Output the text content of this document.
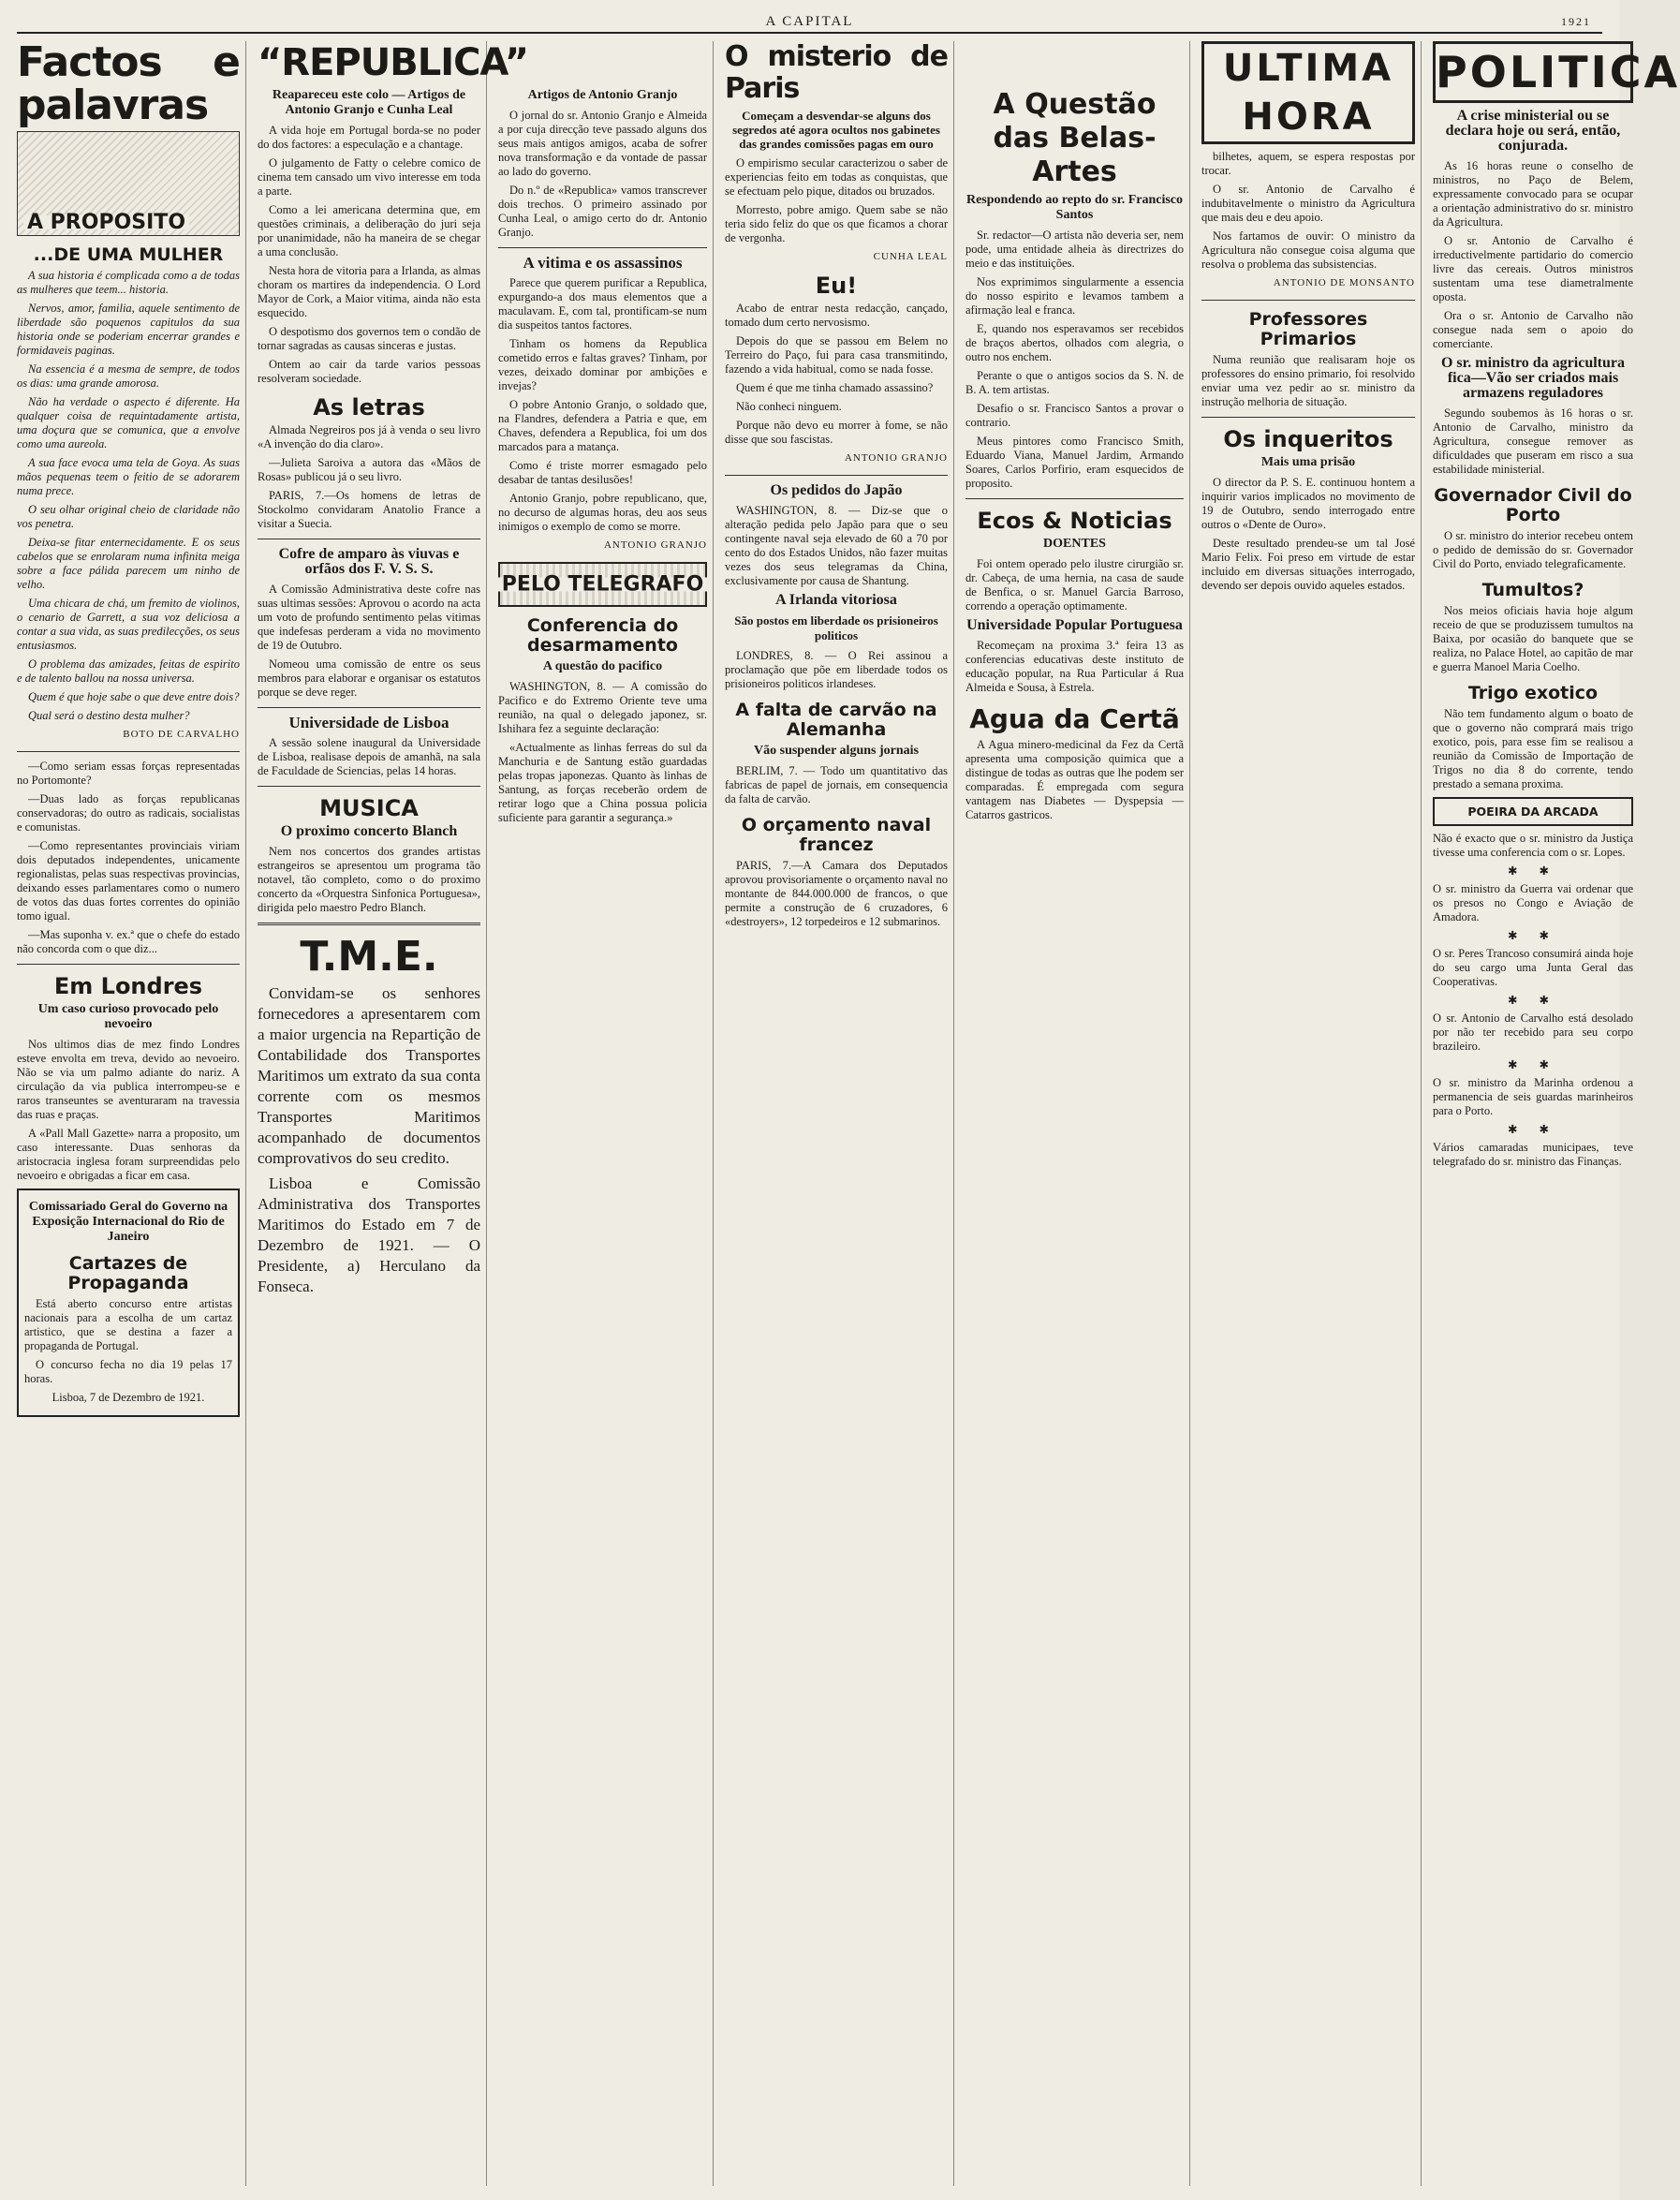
A CAPITAL	1921
Factos e palavras
A PROPOSITO
...DE UMA MULHER

A sua historia é complicada como a de todas as mulheres que teem... historia.

Nervos, amor, familia, aquele sentimento de liberdade são poquenos capitulos da sua historia onde se poderiam encerrar grandes e formidaveis paginas.

Na essencia é a mesma de sempre, de todos os dias: uma grande amorosa.

Não ha verdade o aspecto é diferente. Ha qualquer coisa de requintadamente artista, uma doçura que se comunica, que a envolve como uma aureola.

A sua face evoca uma tela de Goya. As suas mãos pequenas teem o feitio de se adorarem numa prece.

O seu olhar original cheio de claridade não vos penetra.

Deixa-se fitar enternecidamente. E os seus cabelos que se enrolaram numa infinita meiga sobre a face pálida parecem um ninho de velho.

Uma chicara de chá, um fremito de violinos, o cenario de Garrett, a sua voz deliciosa a contar a sua vida, as suas predilecções, os seus entusiasmos.

O problema das amizades, feitas de espirito e de talento ballou na nossa universa.

Quem é que hoje sabe o que deve entre dois?

Qual será o destino desta mulher?

BOTO DE CARVALHO

—Como seriam essas forças representadas no Portomonte?

—Duas lado as forças republicanas conservadoras; do outro as radicais, socialistas e comunistas.

—Como representantes provinciais viriam dois deputados independentes, unicamente regionalistas, pelas suas respectivas provincias, deixando esses parlamentares como o numero de votos das duas fortes correntes do opinião tomo igual.

—Mas suponha v. ex.ª que o chefe do estado não concorda com o que diz...

Em Londres
Um caso curioso provocado pelo nevoeiro

Nos ultimos dias de mez findo Londres esteve envolta em treva, devido ao nevoeiro. Não se via um palmo adiante do nariz. A circulação da via publica interrompeu-se e raros transeuntes se aventuraram na travessia das ruas e praças.

A «Pall Mall Gazette» narra a proposito, um caso interessante. Duas senhoras da aristocracia inglesa foram surpreendidas pelo nevoeiro e obrigadas a ficar em casa.

Comissariado Geral do Governo na Exposição Internacional do Rio de Janeiro
Cartazes de Propaganda

Está aberto concurso entre artistas nacionais para a escolha de um cartaz artistico, que se destina a fazer a propaganda de Portugal.

O concurso fecha no dia 19 pelas 17 horas.

Lisboa, 7 de Dezembro de 1921.

“REPUBLICA”
Reapareceu este colo — Artigos de Antonio Granjo e Cunha Leal

A vida hoje em Portugal borda-se no poder do dos factores: a especulação e a chantage.

O julgamento de Fatty o celebre comico de cinema tem cansado um vivo interesse em toda a parte.

Como a lei americana determina que, em questões criminais, a deliberação do juri seja por unanimidade, não ha maneira de se chegar a uma conclusão.

Nesta hora de vitoria para a Irlanda, as almas choram os martires da independencia. O Lord Mayor de Cork, a Maior vitima, ainda não esta esquecido.

O despotismo dos governos tem o condão de tornar sagradas as causas sinceras e justas.

Ontem ao cair da tarde varios pessoas resolveram sociedade.

As letras

Almada Negreiros pos já à venda o seu livro «A invenção do dia claro».

—Julieta Saroiva a autora das «Mãos de Rosas» publicou já o seu livro.

PARIS, 7.—Os homens de letras de Stockolmo convidaram Anatolio France a visitar a Suecia.

Cofre de amparo às viuvas e orfãos dos F. V. S. S.

A Comissão Administrativa deste cofre nas suas ultimas sessões: Aprovou o acordo na acta um voto de profundo sentimento pelas vitimas que indefesas perderam a vida no movimento de 19 de Outubro.

Nomeou uma comissão de entre os seus membros para elaborar e organisar os estatutos porque se deve reger.

Universidade de Lisboa

A sessão solene inaugural da Universidade de Lisboa, realisase depois de amanhã, na sala de Faculdade de Sciencias, pelas 14 horas.

MUSICA
O proximo concerto Blanch

Nem nos concertos dos grandes artistas estrangeiros se apresentou um programa tão notavel, tão completo, como o do proximo concerto da «Orquestra Sinfonica Portuguesa», dirigida pelo maestro Pedro Blanch.

T.M.E.

Convidam-se os senhores fornecedores a apresentarem com a maior urgencia na Repartição de Contabilidade dos Transportes Maritimos um extrato da sua conta corrente com os mesmos Transportes Maritimos acompanhado de documentos comprovativos do seu credito.

Lisboa e Comissão Administrativa dos Transportes Maritimos do Estado em 7 de Dezembro de 1921. — O Presidente, a) Herculano da Fonseca.

Artigos de Antonio Granjo

O jornal do sr. Antonio Granjo e Almeida a por cuja direcção teve passado alguns dos seus mais antigos amigos, acaba de sofrer nova transformação e da vontade de passar ao lado do governo.

Do n.º de «Republica» vamos transcrever dois trechos. O primeiro assinado por Cunha Leal, o amigo certo do dr. Antonio Granjo.

A vitima e os assassinos

Parece que querem purificar a Republica, expurgando-a dos maus elementos que a maculavam. E, com tal, prontificam-se num dia suspeitos tantos factores.

Tinham os homens da Republica cometido erros e faltas graves? Tinham, por vezes, deixado dominar por ambições e invejas?

O pobre Antonio Granjo, o soldado que, na Flandres, defendera a Patria e que, em Chaves, defendera a Republica, foi um dos marcados para a matança.

Como é triste morrer esmagado pelo desabar de tantas desilusões!

Antonio Granjo, pobre republicano, que, no decurso de algumas horas, deu aos seus inimigos o exemplo de como se morre.

ANTONIO GRANJO
PELO TELEGRAFO
Conferencia do desarmamento
A questão do pacifico

WASHINGTON, 8. — A comissão do Pacifico e do Extremo Oriente teve uma reunião, na qual o delegado japonez, sr. Ishihara fez a seguinte declaração:

«Actualmente as linhas ferreas do sul da Manchuria e de Santung estão guardadas pelas tropas japonezas. Quanto às linhas de Santung, as forças receberão ordem de retirar logo que a China possua policia suficiente para garantir a segurança.»

O misterio de Paris
Começam a desvendar-se alguns dos segredos até agora ocultos nos gabinetes das grandes comissões pagas em ouro

O empirismo secular caracterizou o saber de experiencias feito em todas as conquistas, que se efectuam pelo pique, ditados ou bruzados.

Morresto, pobre amigo. Quem sabe se não teria sido feliz do que os que ficamos a chorar de vergonha.

CUNHA LEAL
Eu!

Acabo de entrar nesta redacção, cançado, tomado dum certo nervosismo.

Depois do que se passou em Belem no Terreiro do Paço, fui para casa transmitindo, fazendo a vida habitual, como se nada fosse.

Quem é que me tinha chamado assassino?

Não conheci ninguem.

Porque não devo eu morrer à fome, se não disse que sou fascistas.

ANTONIO GRANJO
Os pedidos do Japão

WASHINGTON, 8. — Diz-se que o alteração pedida pelo Japão para que o seu contingente naval seja elevado de 60 a 70 por cento do dos Estados Unidos, não fazer muitas vezes dos seus telegramas da China, exclusivamente por causa de Shantung.

A Irlanda vitoriosa
São postos em liberdade os prisioneiros politicos

LONDRES, 8. — O Rei assinou a proclamação que põe em liberdade todos os prisioneiros politicos irlandeses.

A falta de carvão na Alemanha
Vão suspender alguns jornais

BERLIM, 7. — Todo um quantitativo das fabricas de papel de jornais, em consequencia da falta de carvão.

O orçamento naval francez

PARIS, 7.—A Camara dos Deputados aprovou provisoriamente o orçamento naval no montante de 844.000.000 de francos, o que permite a construção de 6 cruzadores, 6 «destroyers», 12 torpedeiros e 12 submarinos.

A Questão das Belas-Artes
Respondendo ao repto do sr. Francisco Santos

Sr. redactor—O artista não deveria ser, nem pode, uma entidade alheia às directrizes do meio e das instituições.

Nos exprimimos singularmente a essencia do nosso espirito e levamos tambem a afirmação leal e franca.

E, quando nos esperavamos ser recebidos de braços abertos, olhados com alegria, o outro nos enchem.

Perante o que o antigos socios da S. N. de B. A. tem artistas.

Desafio o sr. Francisco Santos a provar o contrario.

Meus pintores como Francisco Smith, Eduardo Viana, Manuel Jardim, Armando Soares, Carlos Porfirio, eram esquecidos de proposito.

Ecos & Noticias
DOENTES

Foi ontem operado pelo ilustre cirurgião sr. dr. Cabeça, de uma hernia, na casa de saude de Benfica, o sr. Manuel Garcia Barroso, correndo a operação optimamente.

Universidade Popular Portuguesa

Recomeçam na proxima 3.ª feira 13 as conferencias educativas deste instituto de educação popular, na Rua Particular á Rua Almeida e Sousa, à Estrela.

Agua da Certã

A Agua minero-medicinal da Fez da Certã apresenta uma composição quimica que a distingue de todas as outras que lhe podem ser comparadas. É empregada com segura vantagem nas Diabetes — Dyspepsia — Catarros gastricos.

ULTIMA HORA

bilhetes, aquem, se espera respostas por trocar.

O sr. Antonio de Carvalho é indubitavelmente o ministro da Agricultura que mais deu e deu apoio.

Nos fartamos de ouvir: O ministro da Agricultura não consegue coisa alguma que resolva o problema das subsistencias.

ANTONIO DE MONSANTO
Professores Primarios

Numa reunião que realisaram hoje os professores do ensino primario, foi resolvido enviar uma vez pedir ao sr. ministro da instrução melhoria de situação.

Os inqueritos
Mais uma prisão

O director da P. S. E. continuou hontem a inquirir varios implicados no movimento de 19 de Outubro, sendo interrogado entre outros o «Dente de Ouro».

Deste resultado prendeu-se um tal José Mario Felix. Foi preso em virtude de estar incluido em diversas situações interrogado, devendo ser depois ouvido aqueles estados.

POLITICA
A crise ministerial ou se declara hoje ou será, então, conjurada.

As 16 horas reune o conselho de ministros, no Paço de Belem, expressamente convocado para se ocupar a orientação administrativo do sr. ministro da Agricultura.

O sr. Antonio de Carvalho é irreductivelmente partidario do comercio livre das cereais. Outros ministros sustentam uma tese diametralmente oposta.

Ora o sr. Antonio de Carvalho não consegue nada sem o apoio do comerciante.

O sr. ministro da agricultura fica—Vão ser criados mais armazens reguladores

Segundo soubemos às 16 horas o sr. Antonio de Carvalho, ministro da Agricultura, consegue remover as dificuldades que puseram em risco a sua estabilidade ministerial.

Governador Civil do Porto

O sr. ministro do interior recebeu ontem o pedido de demissão do sr. Governador Civil do Porto, enviado telegraficamente.

Tumultos?

Nos meios oficiais havia hoje algum receio de que se produzissem tumultos na Baixa, por ocasião do banquete que se realiza, no Palace Hotel, ao capitão de mar e guerra Manoel Maria Coelho.

Trigo exotico

Não tem fundamento algum o boato de que o governo não comprará mais trigo exotico, pois, para esse fim se realisou a reunião da Comissão de Importação de Trigos no dia 8 do corrente, tendo prestado a semana proxima.

POEIRA DA ARCADA

Não é exacto que o sr. ministro da Justiça tivesse uma conferencia com o sr. Lopes.

✱ ✱

O sr. ministro da Guerra vai ordenar que os presos no Congo e Aviação de Amadora.

✱ ✱

O sr. Peres Trancoso consumirá ainda hoje do seu cargo uma Junta Geral das Cooperativas.

✱ ✱

O sr. Antonio de Carvalho está desolado por não ter recebido para seu corpo brazileiro.

✱ ✱

O sr. ministro da Marinha ordenou a permanencia de seis guardas marinheiros para o Porto.

✱ ✱

Vários camaradas municipaes, teve telegrafado do sr. ministro das Finanças.
